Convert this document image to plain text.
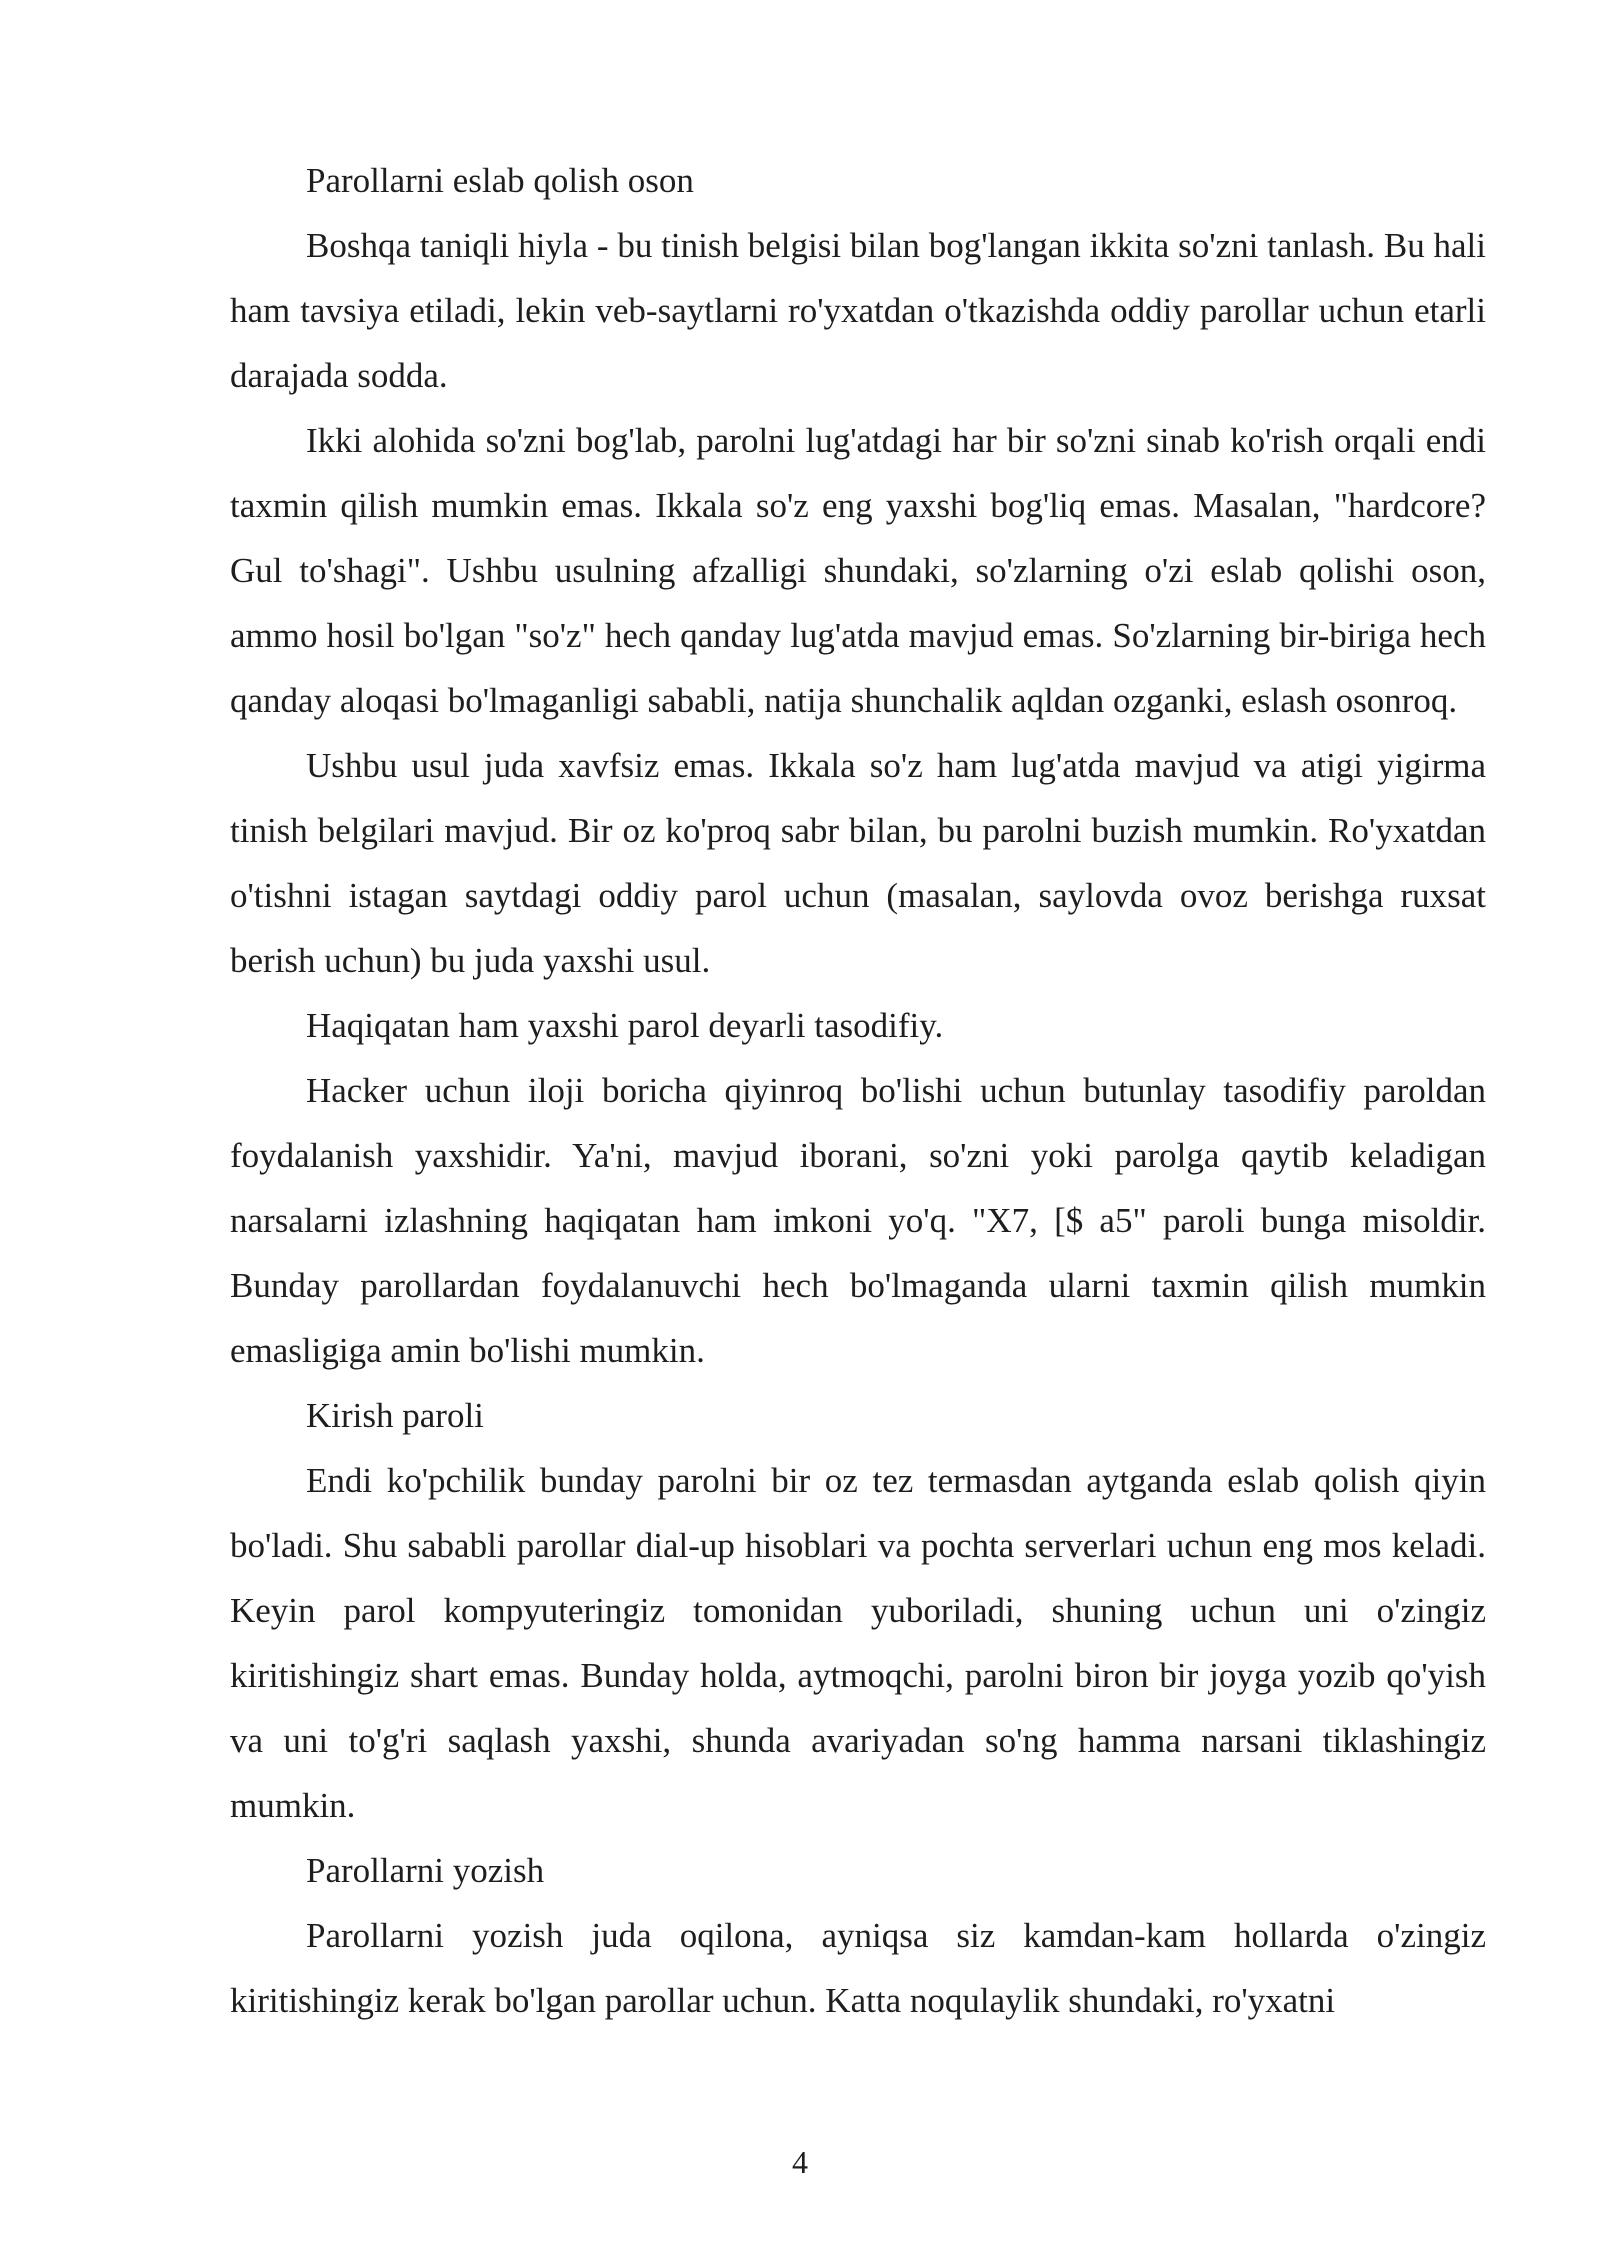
Parollarni eslab qolish oson

Boshqa taniqli hiyla - bu tinish belgisi bilan bog'langan ikkita so'zni tanlash. Bu hali ham tavsiya etiladi, lekin veb-saytlarni ro'yxatdan o'tkazishda oddiy parollar uchun etarli darajada sodda.

Ikki alohida so'zni bog'lab, parolni lug'atdagi har bir so'zni sinab ko'rish orqali endi taxmin qilish mumkin emas. Ikkala so'z eng yaxshi bog'liq emas. Masalan, "hardcore? Gul to'shagi". Ushbu usulning afzalligi shundaki, so'zlarning o'zi eslab qolishi oson, ammo hosil bo'lgan "so'z" hech qanday lug'atda mavjud emas. So'zlarning bir-biriga hech qanday aloqasi bo'lmaganligi sababli, natija shunchalik aqldan ozganki, eslash osonroq.

Ushbu usul juda xavfsiz emas. Ikkala so'z ham lug'atda mavjud va atigi yigirma tinish belgilari mavjud. Bir oz ko'proq sabr bilan, bu parolni buzish mumkin. Ro'yxatdan o'tishni istagan saytdagi oddiy parol uchun (masalan, saylovda ovoz berishga ruxsat berish uchun) bu juda yaxshi usul.

Haqiqatan ham yaxshi parol deyarli tasodifiy.

Hacker uchun iloji boricha qiyinroq bo'lishi uchun butunlay tasodifiy paroldan foydalanish yaxshidir. Ya'ni, mavjud iborani, so'zni yoki parolga qaytib keladigan narsalarni izlashning haqiqatan ham imkoni yo'q. "X7, [$ a5" paroli bunga misoldir. Bunday parollardan foydalanuvchi hech bo'lmaganda ularni taxmin qilish mumkin emasligiga amin bo'lishi mumkin.

Kirish paroli

Endi ko'pchilik bunday parolni bir oz tez termasdan aytganda eslab qolish qiyin bo'ladi. Shu sababli parollar dial-up hisoblari va pochta serverlari uchun eng mos keladi. Keyin parol kompyuteringiz tomonidan yuboriladi, shuning uchun uni o'zingiz kiritishingiz shart emas. Bunday holda, aytmoqchi, parolni biron bir joyga yozib qo'yish va uni to'g'ri saqlash yaxshi, shunda avariyadan so'ng hamma narsani tiklashingiz mumkin.

Parollarni yozish

Parollarni yozish juda oqilona, ayniqsa siz kamdan-kam hollarda o'zingiz kiritishingiz kerak bo'lgan parollar uchun. Katta noqulaylik shundaki, ro'yxatni

4
